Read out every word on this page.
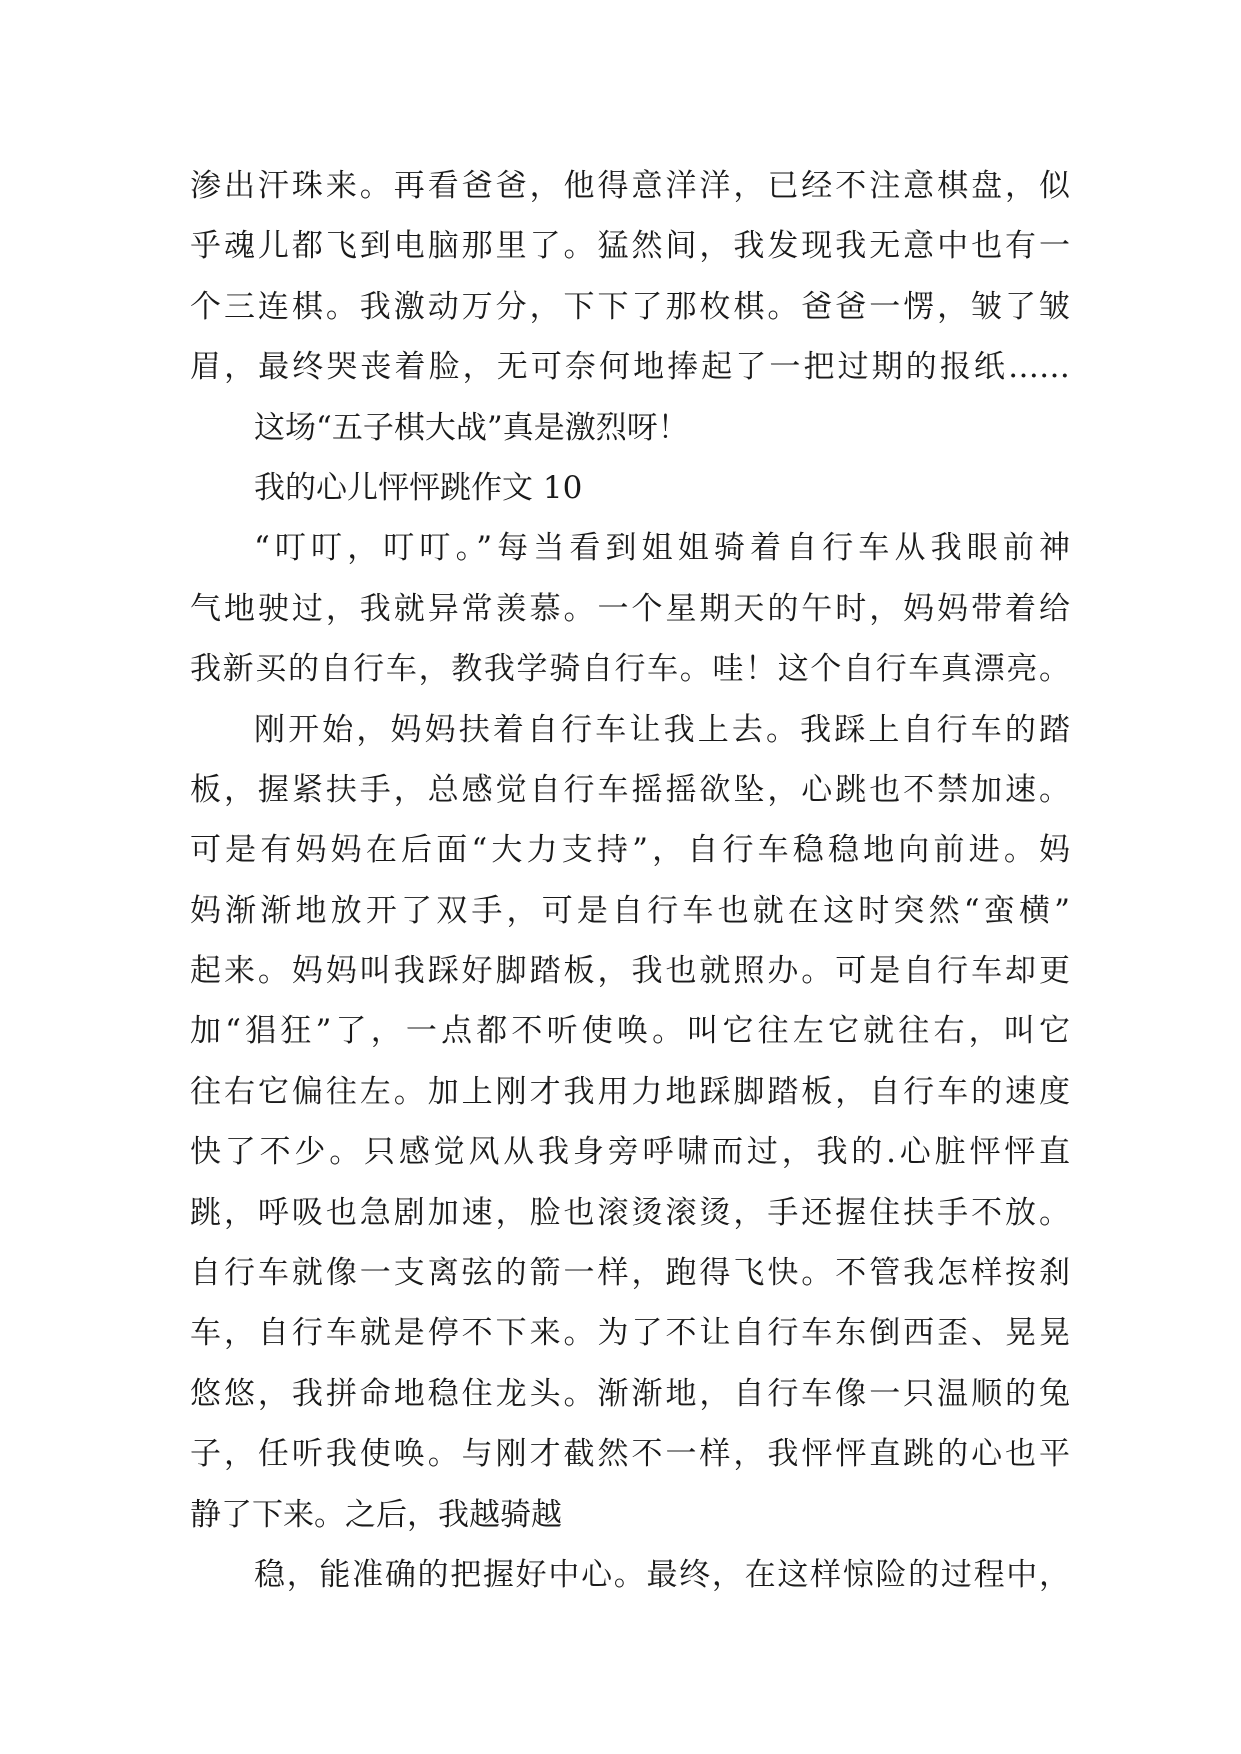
渗出汗珠来。再看爸爸，他得意洋洋，已经不注意棋盘，似
乎魂儿都飞到电脑那里了。猛然间，我发现我无意中也有一
个三连棋。我激动万分，下下了那枚棋。爸爸一愣，皱了皱
眉，最终哭丧着脸，无可奈何地捧起了一把过期的报纸……
这场“五子棋大战”真是激烈呀！
我的心儿怦怦跳作文 10
“叮叮，叮叮。”每当看到姐姐骑着自行车从我眼前神
气地驶过，我就异常羡慕。一个星期天的午时，妈妈带着给
我新买的自行车，教我学骑自行车。哇！这个自行车真漂亮。
刚开始，妈妈扶着自行车让我上去。我踩上自行车的踏
板，握紧扶手，总感觉自行车摇摇欲坠，心跳也不禁加速。
可是有妈妈在后面“大力支持”，自行车稳稳地向前进。妈
妈渐渐地放开了双手，可是自行车也就在这时突然“蛮横”
起来。妈妈叫我踩好脚踏板，我也就照办。可是自行车却更
加“猖狂”了，一点都不听使唤。叫它往左它就往右，叫它
往右它偏往左。加上刚才我用力地踩脚踏板，自行车的速度
快了不少。只感觉风从我身旁呼啸而过，我的.心脏怦怦直
跳，呼吸也急剧加速，脸也滚烫滚烫，手还握住扶手不放。
自行车就像一支离弦的箭一样，跑得飞快。不管我怎样按刹
车，自行车就是停不下来。为了不让自行车东倒西歪、晃晃
悠悠，我拼命地稳住龙头。渐渐地，自行车像一只温顺的兔
子，任听我使唤。与刚才截然不一样，我怦怦直跳的心也平
静了下来。之后，我越骑越
稳，能准确的把握好中心。最终，在这样惊险的过程中，
